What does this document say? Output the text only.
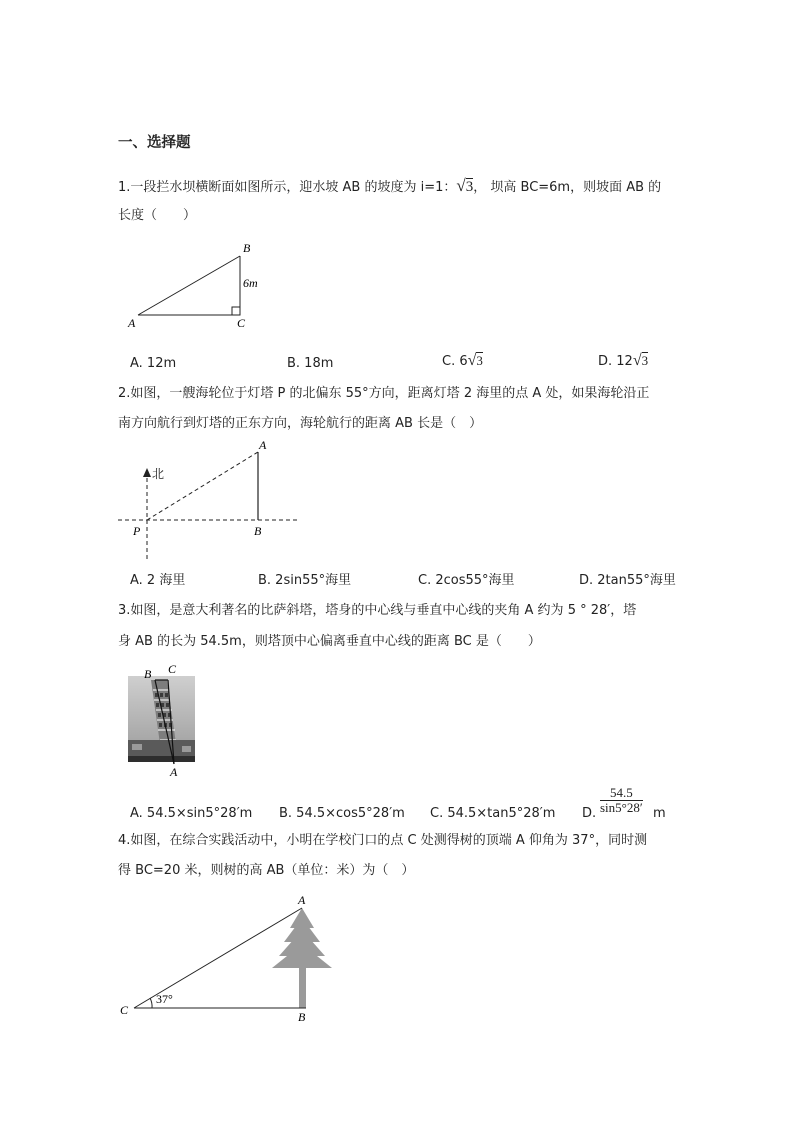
一、选择题
1.一段拦水坝横断面如图所示，迎水坡 AB 的坡度为 i=1：√3， 坝高 BC=6m，则坡面 AB 的
长度（　　）
B
A	C
6m
A. 12m	B. 18m	C. 6√3	D. 12√3
2.如图，一艘海轮位于灯塔 P 的北偏东 55°方向，距离灯塔 2 海里的点 A 处，如果海轮沿正
南方向航行到灯塔的正东方向，海轮航行的距离 AB 长是（　）
A
P	B
北
A. 2 海里	B. 2sin55°海里	C. 2cos55°海里	D. 2tan55°海里
3.如图，是意大利著名的比萨斜塔，塔身的中心线与垂直中心线的夹角 A 约为 5 ° 28′，塔
身 AB 的长为 54.5m，则塔顶中心偏离垂直中心线的距离 BC 是（　　）
B C
A
A. 54.5×sin5°28′m B. 54.5×cos5°28′m C. 54.5×tan5°28′m D. $\frac{54.5}{\sin 5^\circ 28'}$ m
4.如图，在综合实践活动中，小明在学校门口的点 C 处测得树的顶端 A 仰角为 37°，同时测
得 BC=20 米，则树的高 AB（单位：米）为（　）
A
C	B
37°
